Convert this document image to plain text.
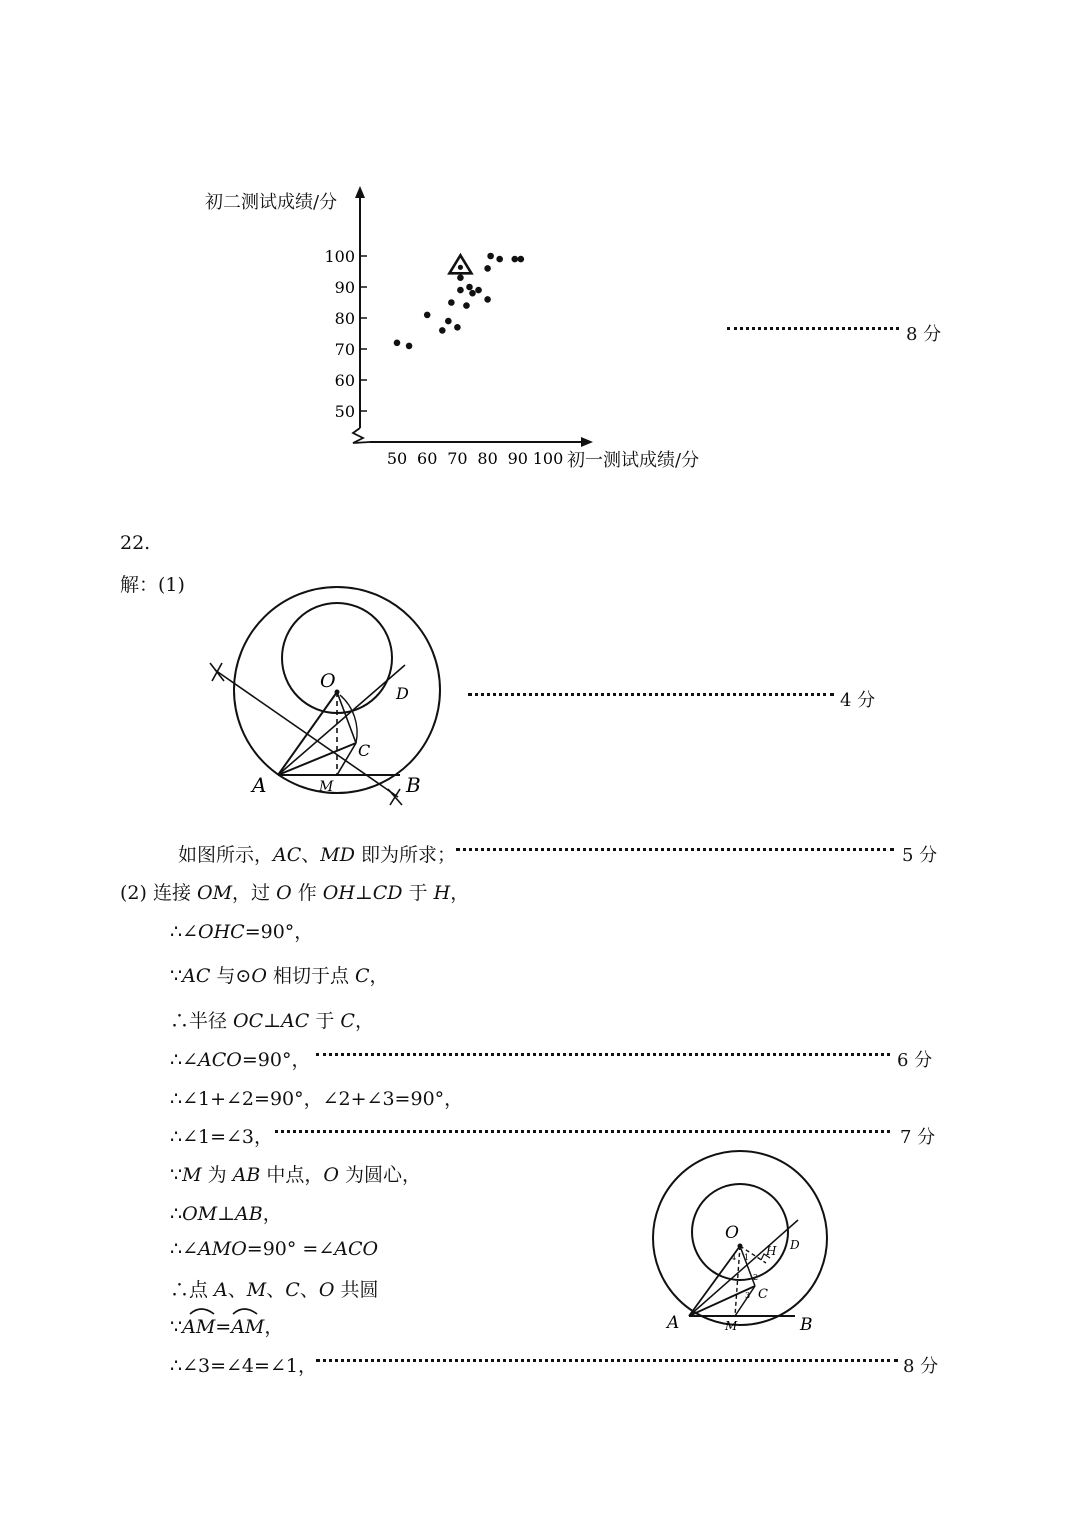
100
90
80
70
60
50
50 60 70 80 90 100
初二测试成绩/分
初一测试成绩/分
8 分
22.
解：(1)
O
D
C
A	M	B
4 分
如图所示，AC、MD 即为所求；	5 分
(2) 连接 OM，过 O 作 OH⊥CD 于 H，
∴∠OHC=90°，
∵AC 与⊙O 相切于点 C，
∴半径 OC⊥AC 于 C，
∴∠ACO=90°，	6 分
∴∠1+∠2=90°，∠2+∠3=90°，
∴∠1=∠3，	7 分
∵M 为 AB 中点，O 为圆心，
∴OM⊥AB，
∴∠AMO=90° =∠ACO
∴点 A、M、C、O 共圆
∵AM=AM，
∴∠3=∠4=∠1，	8 分
O
H D
C
A	M	B
4 1
2
3
